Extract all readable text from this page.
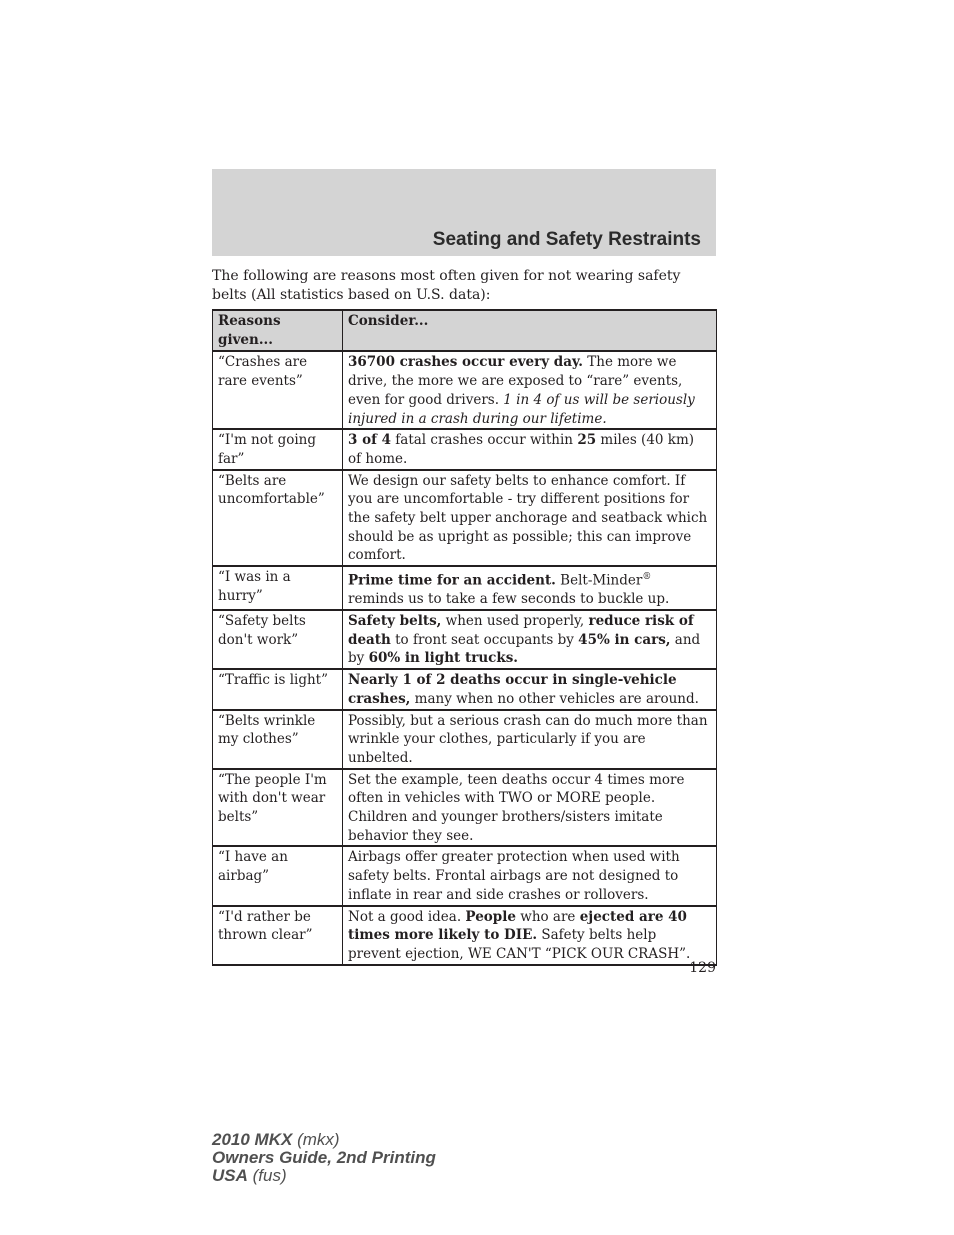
Seating and Safety Restraints

The following are reasons most often given for not wearing safety belts (All statistics based on U.S. data):

Reasons given...	Consider...
“Crashes are rare events”	36700 crashes occur every day. The more we drive, the more we are exposed to “rare” events, even for good drivers. 1 in 4 of us will be seriously injured in a crash during our lifetime.
“I'm not going far”	3 of 4 fatal crashes occur within 25 miles (40 km) of home.
“Belts are uncomfortable”	We design our safety belts to enhance comfort. If you are uncomfortable - try different positions for the safety belt upper anchorage and seatback which should be as upright as possible; this can improve comfort.
“I was in a hurry”	Prime time for an accident. Belt-Minder® reminds us to take a few seconds to buckle up.
“Safety belts don't work”	Safety belts, when used properly, reduce risk of death to front seat occupants by 45% in cars, and by 60% in light trucks.
“Traffic is light”	Nearly 1 of 2 deaths occur in single-vehicle crashes, many when no other vehicles are around.
“Belts wrinkle my clothes”	Possibly, but a serious crash can do much more than wrinkle your clothes, particularly if you are unbelted.
“The people I'm with don't wear belts”	Set the example, teen deaths occur 4 times more often in vehicles with TWO or MORE people. Children and younger brothers/sisters imitate behavior they see.
“I have an airbag”	Airbags offer greater protection when used with safety belts. Frontal airbags are not designed to inflate in rear and side crashes or rollovers.
“I'd rather be thrown clear”	Not a good idea. People who are ejected are 40 times more likely to DIE. Safety belts help prevent ejection, WE CAN'T “PICK OUR CRASH”.
129
2010 MKX (mkx)
Owners Guide, 2nd Printing
USA (fus)
